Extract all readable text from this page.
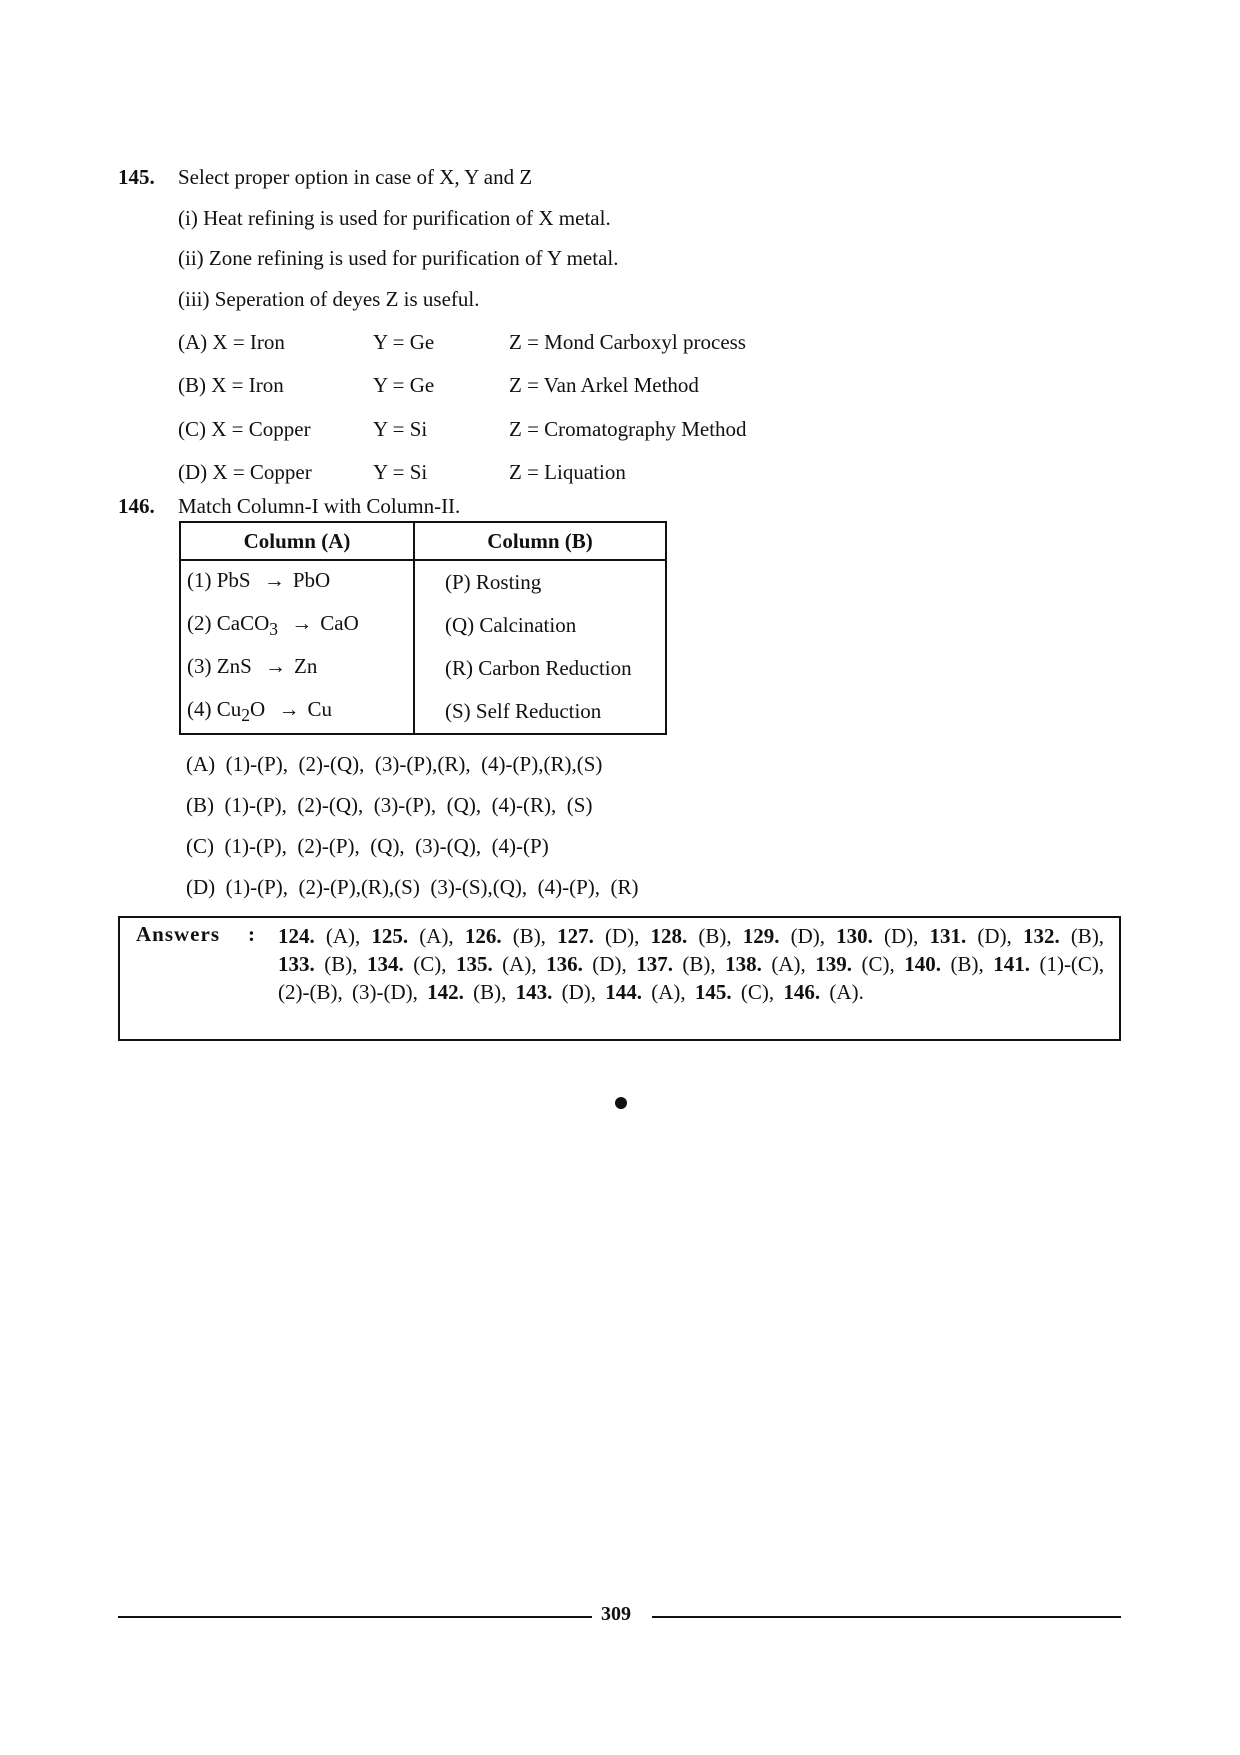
145. Select proper option in case of X, Y and Z
(i) Heat refining is used for purification of X metal.
(ii) Zone refining is used for purification of Y metal.
(iii) Seperation of deyes Z is useful.
(A) X = Iron	Y = Ge	Z = Mond Carboxyl process
(B) X = Iron	Y = Ge	Z = Van Arkel Method
(C) X = Copper	Y = Si	Z = Cromatography Method
(D) X = Copper	Y = Si	Z = Liquation
146. Match Column-I with Column-II.
Column (A)	Column (B)
(1) PbS → PbO	(P) Rosting
(2) CaCO$_3$ → CaO	(Q) Calcination
(3) ZnS → Zn	(R) Carbon Reduction
(4) $Cu_2O \to Cu$	(S) Self Reduction
(A)  (1)-(P),  (2)-(Q),  (3)-(P),(R),  (4)-(P),(R),(S)
(B)  (1)-(P),  (2)-(Q),  (3)-(P),  (Q),  (4)-(R),  (S)
(C)  (1)-(P),  (2)-(P),  (Q),  (3)-(Q),  (4)-(P)
(D)  (1)-(P),  (2)-(P),(R),(S)  (3)-(S),(Q),  (4)-(P),  (R)
Answers : 124. (A), 125. (A), 126. (B), 127. (D), 128. (B), 129. (D), 130. (D), 131. (D), 132. (B), 133. (B), 134. (C), 135. (A), 136. (D), 137. (B), 138. (A), 139. (C), 140. (B), 141. (1)-(C), (2)-(B), (3)-(D), 142. (B), 143. (D), 144. (A), 145. (C), 146. (A).
309
